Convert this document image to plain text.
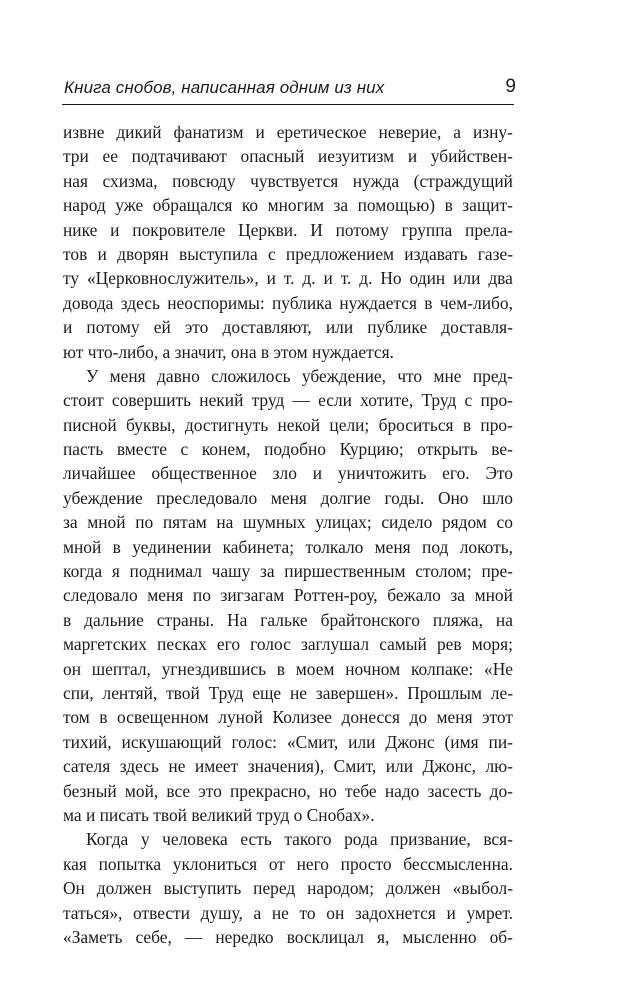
Книга снобов, написанная одним из них	9
извне дикий фанатизм и еретическое неверие, а изну-
три ее подтачивают опасный иезуитизм и убийствен-
ная схизма, повсюду чувствуется нужда (страждущий
народ уже обращался ко многим за помощью) в защит-
нике и покровителе Церкви. И потому группа прела-
тов и дворян выступила с предложением издавать газе-
ту «Церковнослужитель», и т. д. и т. д. Но один или два
довода здесь неоспоримы: публика нуждается в чем-либо,
и потому ей это доставляют, или публике доставля-
ют что-либо, а значит, она в этом нуждается.
У меня давно сложилось убеждение, что мне пред-
стоит совершить некий труд — если хотите, Труд с про-
писной буквы, достигнуть некой цели; броситься в про-
пасть вместе с конем, подобно Курцию; открыть ве-
личайшее общественное зло и уничтожить его. Это
убеждение преследовало меня долгие годы. Оно шло
за мной по пятам на шумных улицах; сидело рядом со
мной в уединении кабинета; толкало меня под локоть,
когда я поднимал чашу за пиршественным столом; пре-
следовало меня по зигзагам Роттен-роу, бежало за мной
в дальние страны. На гальке брайтонского пляжа, на
маргетских песках его голос заглушал самый рев моря;
он шептал, угнездившись в моем ночном колпаке: «Не
спи, лентяй, твой Труд еще не завершен». Прошлым ле-
том в освещенном луной Колизее донесся до меня этот
тихий, искушающий голос: «Смит, или Джонс (имя пи-
сателя здесь не имеет значения), Смит, или Джонс, лю-
безный мой, все это прекрасно, но тебе надо засесть до-
ма и писать твой великий труд о Снобах».
Когда у человека есть такого рода призвание, вся-
кая попытка уклониться от него просто бессмысленна.
Он должен выступить перед народом; должен «выбол-
таться», отвести душу, а не то он задохнется и умрет.
«Заметь себе, — нередко восклицал я, мысленно об-
